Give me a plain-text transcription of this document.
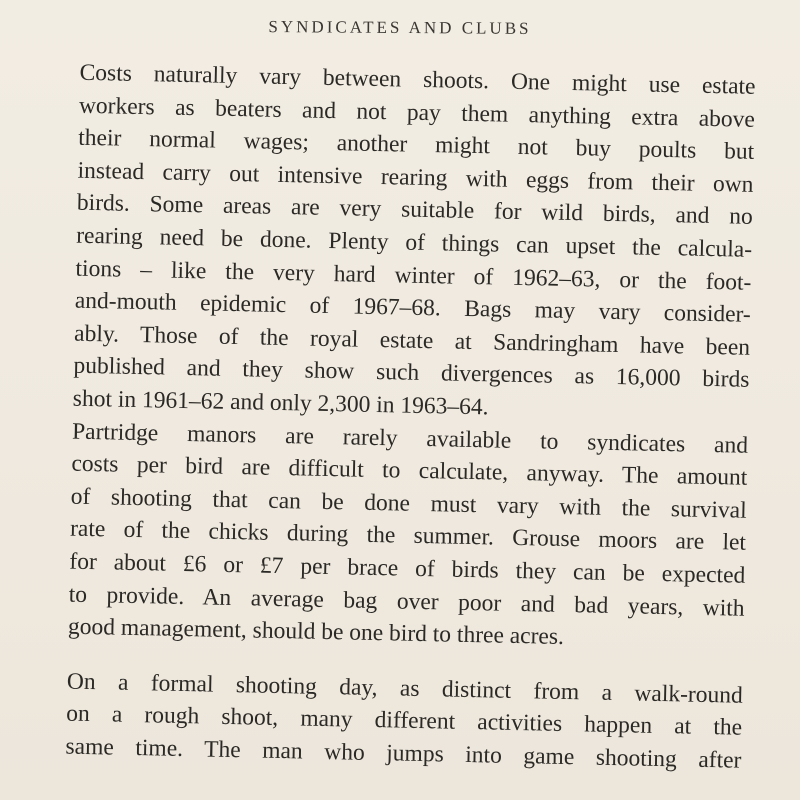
SYNDICATES AND CLUBS

Costs naturally vary between shoots. One might use estate
workers as beaters and not pay them anything extra above
their normal wages; another might not buy poults but
instead carry out intensive rearing with eggs from their own
birds. Some areas are very suitable for wild birds, and no
rearing need be done. Plenty of things can upset the calcula-
tions – like the very hard winter of 1962–63, or the foot-
and-mouth epidemic of 1967–68. Bags may vary consider-
ably. Those of the royal estate at Sandringham have been
published and they show such divergences as 16,000 birds
shot in 1961–62 and only 2,300 in 1963–64.

Partridge manors are rarely available to syndicates and
costs per bird are difficult to calculate, anyway. The amount
of shooting that can be done must vary with the survival
rate of the chicks during the summer. Grouse moors are let
for about £6 or £7 per brace of birds they can be expected
to provide. An average bag over poor and bad years, with
good management, should be one bird to three acres.

On a formal shooting day, as distinct from a walk-round
on a rough shoot, many different activities happen at the
same time. The man who jumps into game shooting after
